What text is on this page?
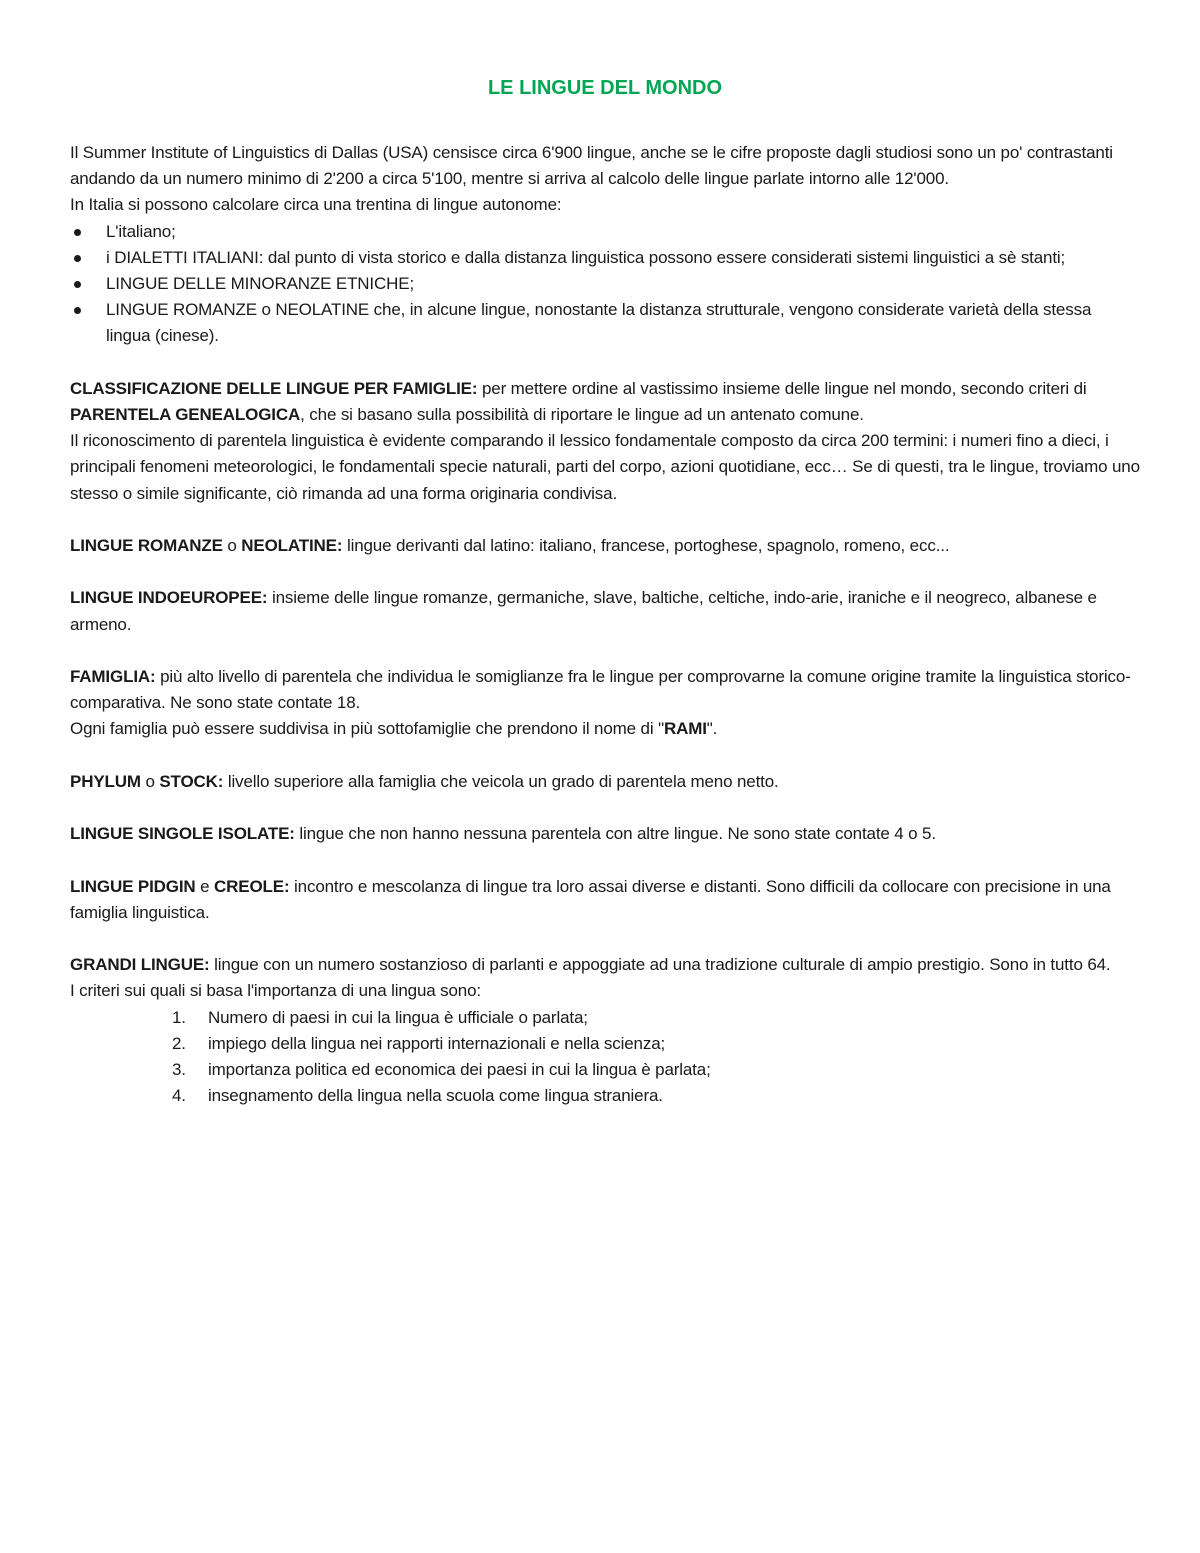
LE LINGUE DEL MONDO

Il Summer Institute of Linguistics di Dallas (USA) censisce circa 6'900 lingue, anche se le cifre proposte dagli studiosi sono un po' contrastanti andando da un numero minimo di 2'200 a circa 5'100, mentre si arriva al calcolo delle lingue parlate intorno alle 12'000.

In Italia si possono calcolare circa una trentina di lingue autonome:

L'italiano;
i DIALETTI ITALIANI: dal punto di vista storico e dalla distanza linguistica possono essere considerati sistemi linguistici a sè stanti;
LINGUE DELLE MINORANZE ETNICHE;
LINGUE ROMANZE o NEOLATINE che, in alcune lingue, nonostante la distanza strutturale, vengono considerate varietà della stessa lingua (cinese).

CLASSIFICAZIONE DELLE LINGUE PER FAMIGLIE: per mettere ordine al vastissimo insieme delle lingue nel mondo, secondo criteri di PARENTELA GENEALOGICA, che si basano sulla possibilità di riportare le lingue ad un antenato comune.

Il riconoscimento di parentela linguistica è evidente comparando il lessico fondamentale composto da circa 200 termini: i numeri fino a dieci, i principali fenomeni meteorologici, le fondamentali specie naturali, parti del corpo, azioni quotidiane, ecc… Se di questi, tra le lingue, troviamo uno stesso o simile significante, ciò rimanda ad una forma originaria condivisa.

LINGUE ROMANZE o NEOLATINE: lingue derivanti dal latino: italiano, francese, portoghese, spagnolo, romeno, ecc...

LINGUE INDOEUROPEE: insieme delle lingue romanze, germaniche, slave, baltiche, celtiche, indo-arie, iraniche e il neogreco, albanese e armeno.

FAMIGLIA: più alto livello di parentela che individua le somiglianze fra le lingue per comprovarne la comune origine tramite la linguistica storico-comparativa. Ne sono state contate 18.

Ogni famiglia può essere suddivisa in più sottofamiglie che prendono il nome di "RAMI".

PHYLUM o STOCK: livello superiore alla famiglia che veicola un grado di parentela meno netto.

LINGUE SINGOLE ISOLATE: lingue che non hanno nessuna parentela con altre lingue. Ne sono state contate 4 o 5.

LINGUE PIDGIN e CREOLE: incontro e mescolanza di lingue tra loro assai diverse e distanti. Sono difficili da collocare con precisione in una famiglia linguistica.

GRANDI LINGUE: lingue con un numero sostanzioso di parlanti e appoggiate ad una tradizione culturale di ampio prestigio. Sono in tutto 64.

I criteri sui quali si basa l'importanza di una lingua sono:

1. Numero di paesi in cui la lingua è ufficiale o parlata;
2. impiego della lingua nei rapporti internazionali e nella scienza;
3. importanza politica ed economica dei paesi in cui la lingua è parlata;
4. insegnamento della lingua nella scuola come lingua straniera.
